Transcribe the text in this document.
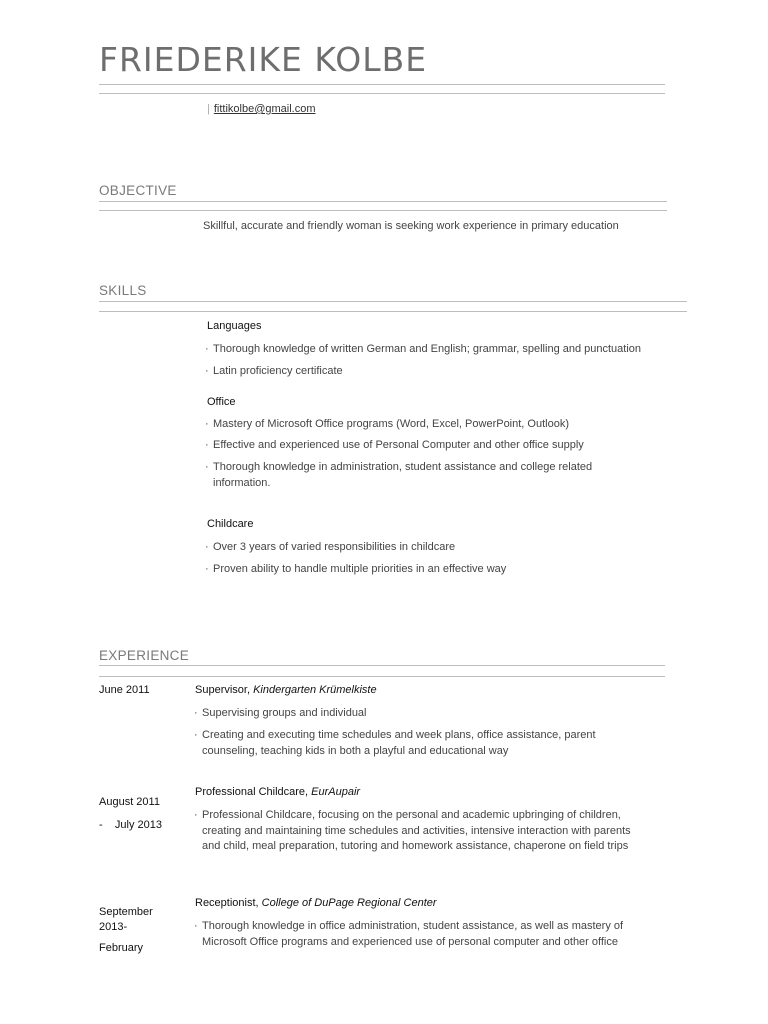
FRIEDERIKE KOLBE
| fittikolbe@gmail.com
OBJECTIVE
Skillful, accurate and friendly woman is seeking work experience in primary education
SKILLS
Languages
· Thorough knowledge of written German and English; grammar, spelling and punctuation
· Latin proficiency certificate
Office
· Mastery of Microsoft Office programs (Word, Excel, PowerPoint, Outlook)
· Effective and experienced use of Personal Computer and other office supply
· Thorough knowledge in administration, student assistance and college related information.
Childcare
· Over 3 years of varied responsibilities in childcare
· Proven ability to handle multiple priorities in an effective way
EXPERIENCE
June 2011	Supervisor, Kindergarten Krümelkiste
· Supervising groups and individual
· Creating and executing time schedules and week plans, office assistance, parent counseling, teaching kids in both a playful and educational way
Professional Childcare, EurAupair
August 2011
-    July 2013
· Professional Childcare, focusing on the personal and academic upbringing of children, creating and maintaining time schedules and activities, intensive interaction with parents and child, meal preparation, tutoring and homework assistance, chaperone on field trips
Receptionist, College of DuPage Regional Center
September
2013-
February
· Thorough knowledge in office administration, student assistance, as well as mastery of Microsoft Office programs and experienced use of personal computer and other office
